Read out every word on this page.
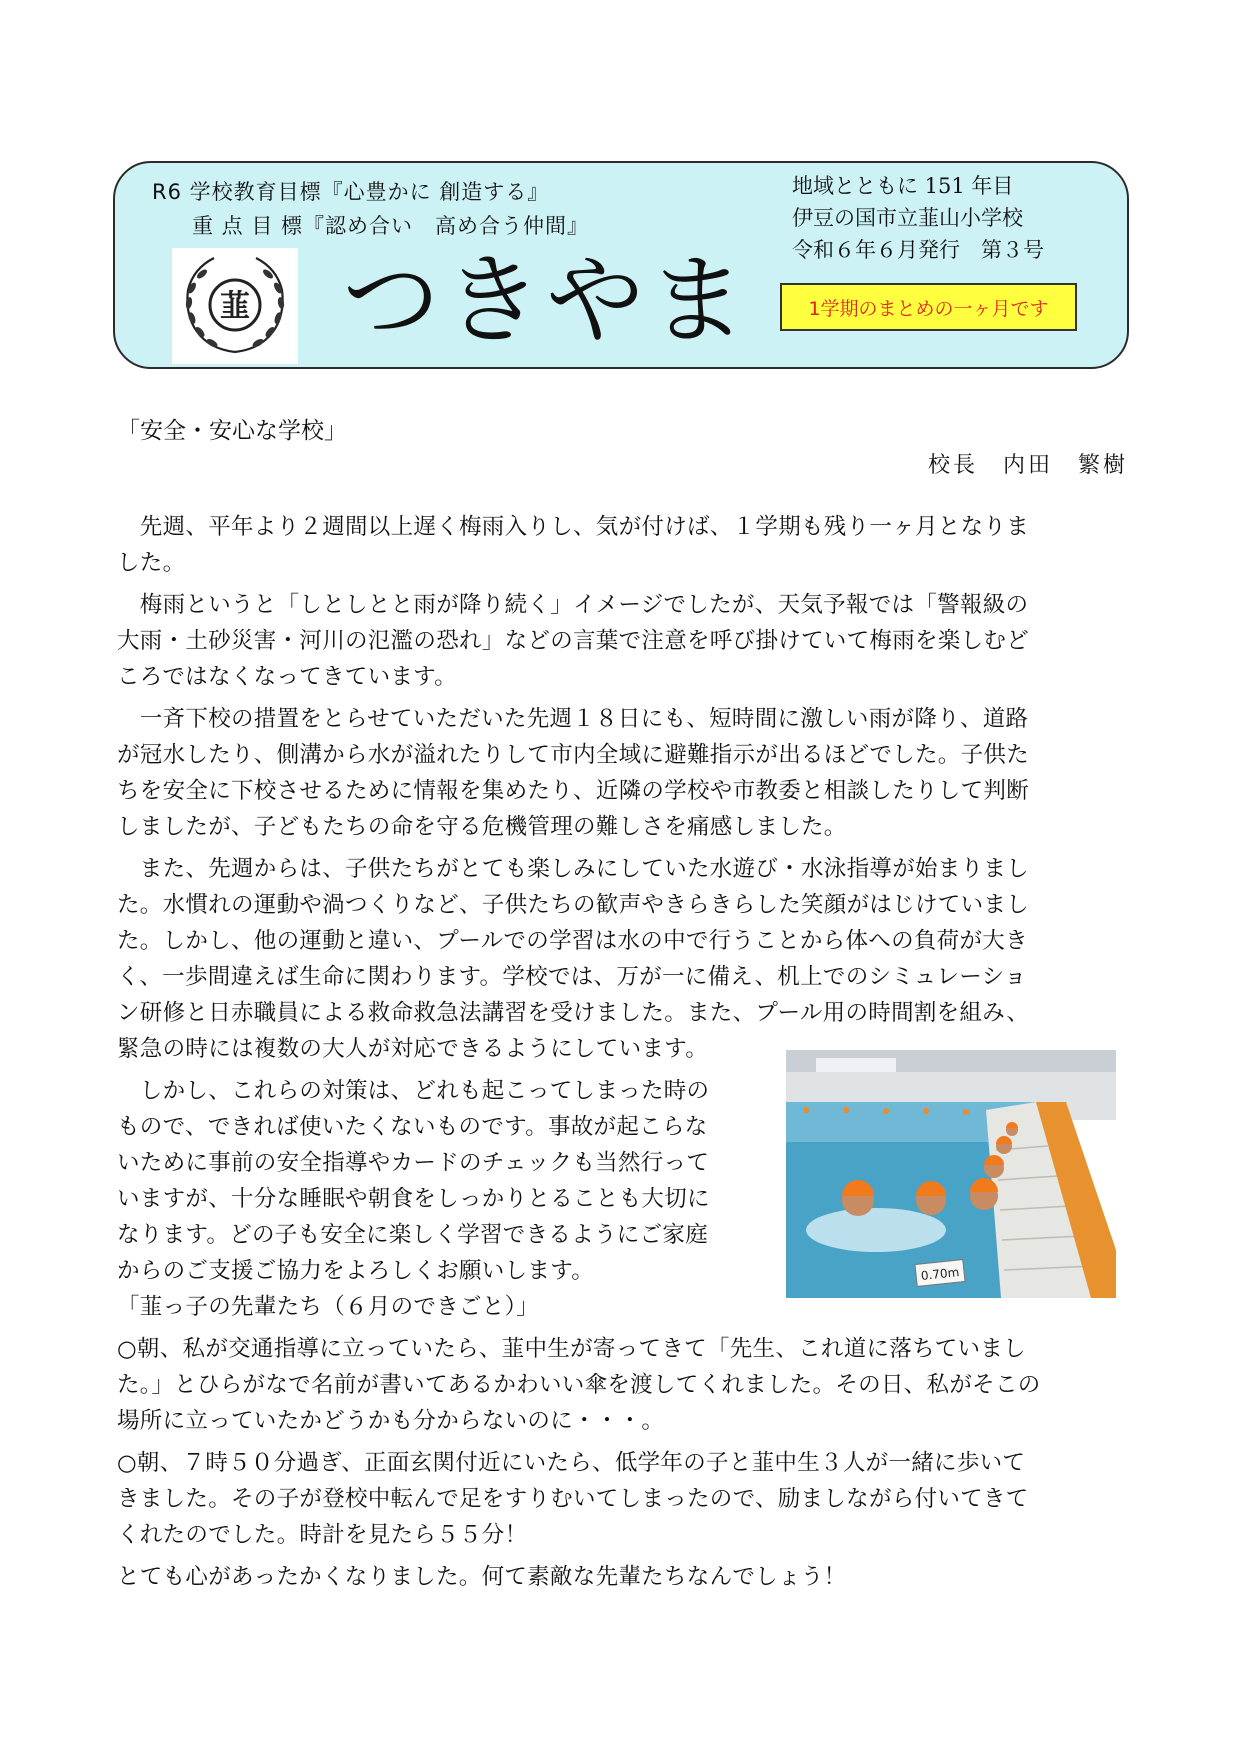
R6 学校教育目標『心豊かに 創造する』
重 点 目 標『認め合い　高め合う仲間』
地域とともに 151 年目
伊豆の国市立韮山小学校
令和６年６月発行　第３号
韮 つきやま	1学期のまとめの一ヶ月です
「安全・安心な学校」
校長　内田　繁樹
　先週、平年より２週間以上遅く梅雨入りし、気が付けば、１学期も残り一ヶ月となりま
した。
　梅雨というと「しとしとと雨が降り続く」イメージでしたが、天気予報では「警報級の
大雨・土砂災害・河川の氾濫の恐れ」などの言葉で注意を呼び掛けていて梅雨を楽しむど
ころではなくなってきています。
　一斉下校の措置をとらせていただいた先週１８日にも、短時間に激しい雨が降り、道路
が冠水したり、側溝から水が溢れたりして市内全域に避難指示が出るほどでした。子供た
ちを安全に下校させるために情報を集めたり、近隣の学校や市教委と相談したりして判断
しましたが、子どもたちの命を守る危機管理の難しさを痛感しました。
　また、先週からは、子供たちがとても楽しみにしていた水遊び・水泳指導が始まりまし
た。水慣れの運動や渦つくりなど、子供たちの歓声やきらきらした笑顔がはじけていまし
た。しかし、他の運動と違い、プールでの学習は水の中で行うことから体への負荷が大き
く、一歩間違えば生命に関わります。学校では、万が一に備え、机上でのシミュレーショ
ン研修と日赤職員による救命救急法講習を受けました。また、プール用の時間割を組み、
緊急の時には複数の大人が対応できるようにしています。
　しかし、これらの対策は、どれも起こってしまった時の
もので、できれば使いたくないものです。事故が起こらな
いために事前の安全指導やカードのチェックも当然行って
いますが、十分な睡眠や朝食をしっかりとることも大切に
なります。どの子も安全に楽しく学習できるようにご家庭
からのご支援ご協力をよろしくお願いします。
「韮っ子の先輩たち（６月のできごと）」
○朝、私が交通指導に立っていたら、韮中生が寄ってきて「先生、これ道に落ちていまし
た。」とひらがなで名前が書いてあるかわいい傘を渡してくれました。その日、私がそこの
場所に立っていたかどうかも分からないのに・・・。
○朝、７時５０分過ぎ、正面玄関付近にいたら、低学年の子と韮中生３人が一緒に歩いて
きました。その子が登校中転んで足をすりむいてしまったので、励ましながら付いてきて
くれたのでした。時計を見たら５５分！
とても心があったかくなりました。何て素敵な先輩たちなんでしょう！
0.70m
